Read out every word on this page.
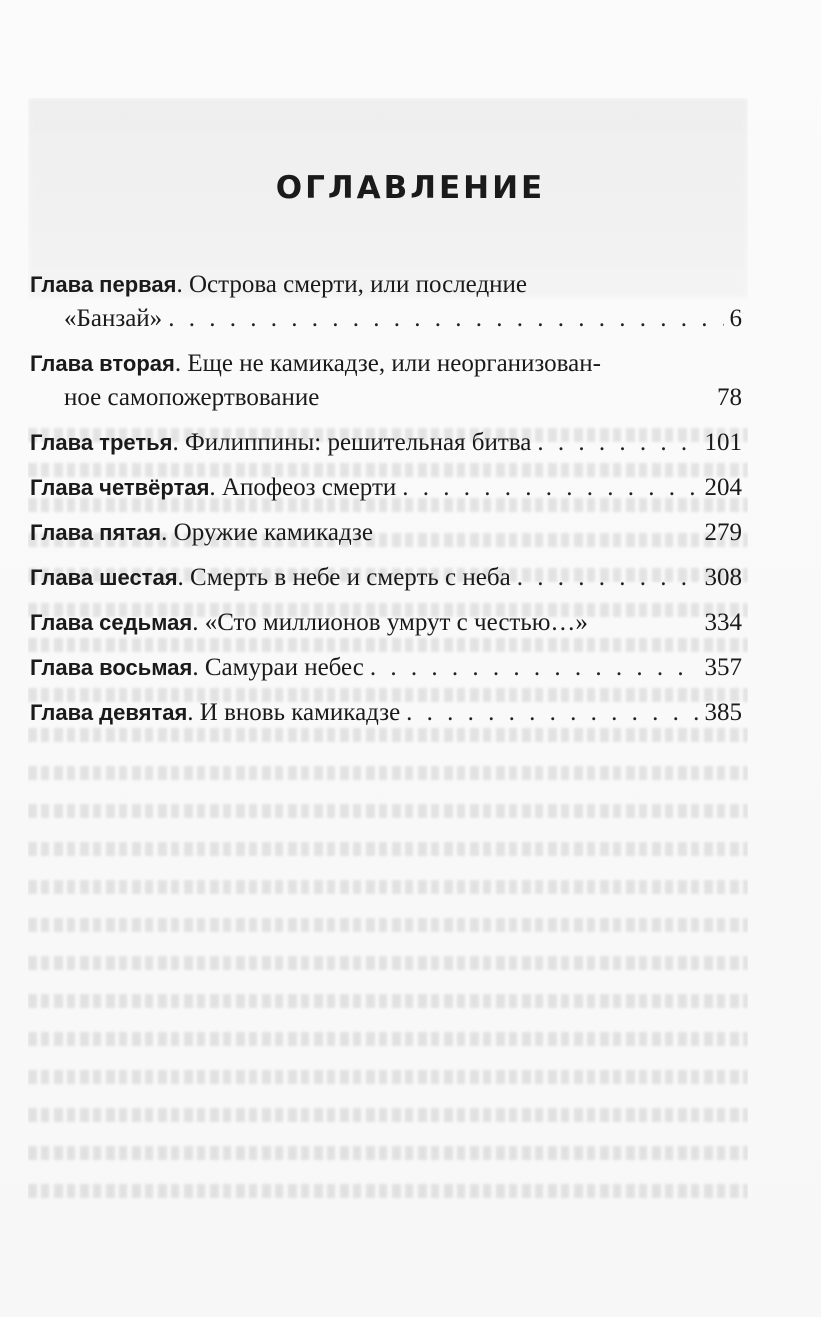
ОГЛАВЛЕНИЕ
Глава первая. Острова смерти, или последние
«Банзай» . . .	6
Глава вторая. Еще не камикадзе, или неорганизован-
ное самопожертвование	78
Глава третья. Филиппины: решительная битва . . .	101
Глава четвёртая. Апофеоз смерти . . .	204
Глава пятая. Оружие камикадзе	279
Глава шестая. Смерть в небе и смерть с неба . . .	308
Глава седьмая. «Сто миллионов умрут с честью…»	334
Глава восьмая. Самураи небес . . .	357
Глава девятая. И вновь камикадзе . . .	385
